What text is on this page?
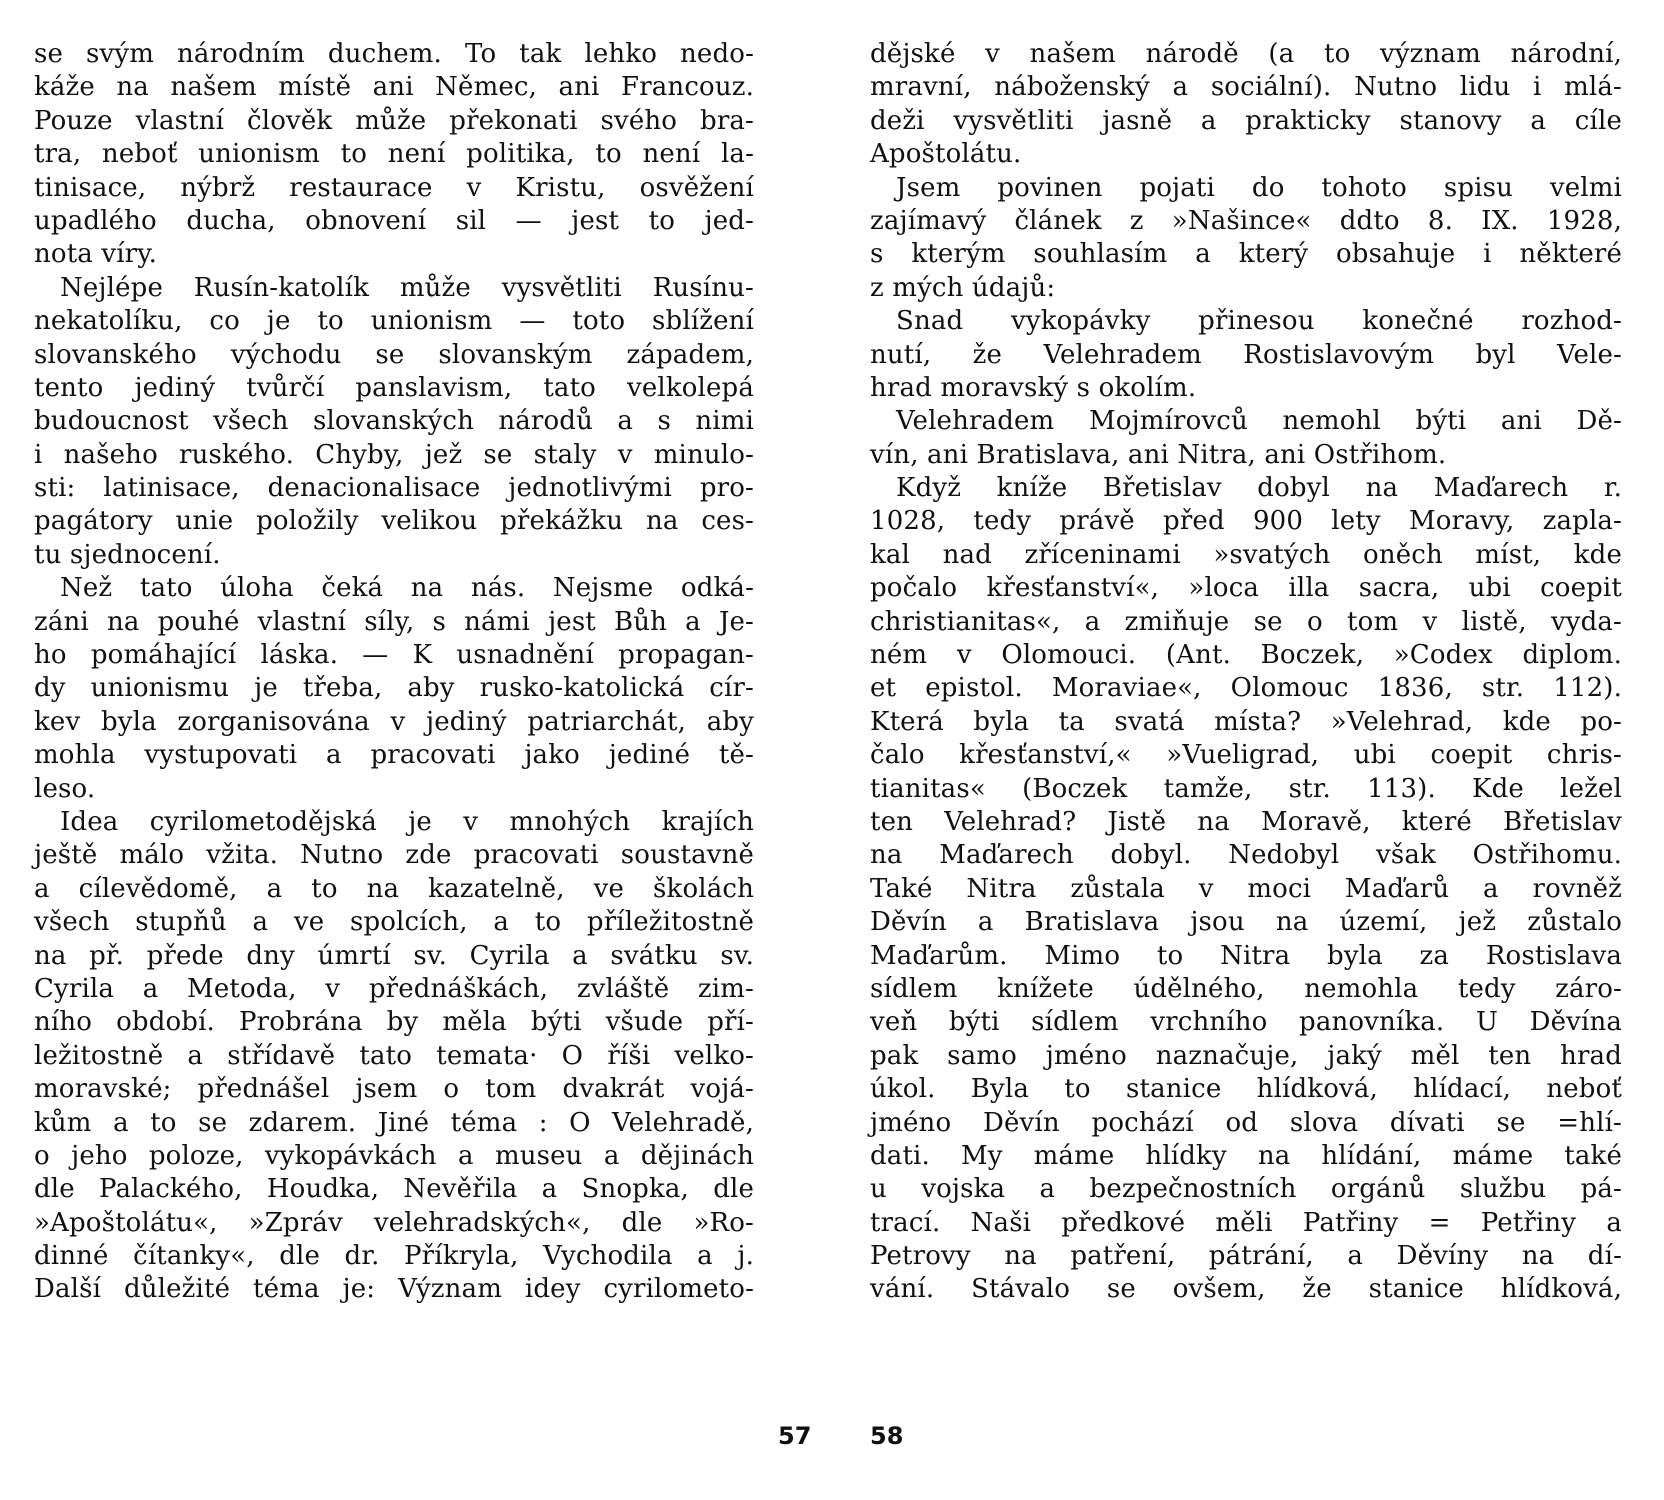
se svým národním duchem. To tak lehko nedo-
káže na našem místě ani Němec, ani Francouz.
Pouze vlastní člověk může překonati svého bra-
tra, neboť unionism to není politika, to není la-
tinisace, nýbrž restaurace v Kristu, osvěžení
upadlého ducha, obnovení sil — jest to jed-
nota víry.
Nejlépe Rusín-katolík může vysvětliti Rusínu-
nekatolíku, co je to unionism — toto sblížení
slovanského východu se slovanským západem,
tento jediný tvůrčí panslavism, tato velkolepá
budoucnost všech slovanských národů a s nimi
i našeho ruského. Chyby, jež se staly v minulo-
sti: latinisace, denacionalisace jednotlivými pro-
pagátory unie položily velikou překážku na ces-
tu sjednocení.
Než tato úloha čeká na nás. Nejsme odká-
záni na pouhé vlastní síly, s námi jest Bůh a Je-
ho pomáhající láska. — K usnadnění propagan-
dy unionismu je třeba, aby rusko-katolická cír-
kev byla zorganisována v jediný patriarchát, aby
mohla vystupovati a pracovati jako jediné tě-
leso.
Idea cyrilometodějská je v mnohých krajích
ještě málo vžita. Nutno zde pracovati soustavně
a cílevědomě, a to na kazatelně, ve školách
všech stupňů a ve spolcích, a to příležitostně
na př. přede dny úmrtí sv. Cyrila a svátku sv.
Cyrila a Metoda, v přednáškách, zvláště zim-
ního období. Probrána by měla býti všude pří-
ležitostně a střídavě tato temata· O říši velko-
moravské; přednášel jsem o tom dvakrát vojá-
kům a to se zdarem. Jiné téma : O Velehradě,
o jeho poloze, vykopávkách a museu a dějinách
dle Palackého, Houdka, Nevěřila a Snopka, dle
»Apoštolátu«, »Zpráv velehradských«, dle »Ro-
dinné čítanky«, dle dr. Příkryla, Vychodila a j.
Další důležité téma je: Význam idey cyrilometo-
dějské v našem národě (a to význam národní,
mravní, náboženský a sociální). Nutno lidu i mlá-
deži vysvětliti jasně a prakticky stanovy a cíle
Apoštolátu.
Jsem povinen pojati do tohoto spisu velmi
zajímavý článek z »Našince« ddto 8. IX. 1928,
s kterým souhlasím a který obsahuje i některé
z mých údajů:
Snad vykopávky přinesou konečné rozhod-
nutí, že Velehradem Rostislavovým byl Vele-
hrad moravský s okolím.
Velehradem Mojmírovců nemohl býti ani Dě-
vín, ani Bratislava, ani Nitra, ani Ostřihom.
Když kníže Břetislav dobyl na Maďarech r.
1028, tedy právě před 900 lety Moravy, zapla-
kal nad zříceninami »svatých oněch míst, kde
počalo křesťanství«, »loca illa sacra, ubi coepit
christianitas«, a zmiňuje se o tom v listě, vyda-
ném v Olomouci. (Ant. Boczek, »Codex diplom.
et epistol. Moraviae«, Olomouc 1836, str. 112).
Která byla ta svatá místa? »Velehrad, kde po-
čalo křesťanství,« »Vueligrad, ubi coepit chris-
tianitas« (Boczek tamže, str. 113). Kde ležel
ten Velehrad? Jistě na Moravě, které Břetislav
na Maďarech dobyl. Nedobyl však Ostřihomu.
Také Nitra zůstala v moci Maďarů a rovněž
Děvín a Bratislava jsou na území, jež zůstalo
Maďarům. Mimo to Nitra byla za Rostislava
sídlem knížete údělného, nemohla tedy záro-
veň býti sídlem vrchního panovníka. U Děvína
pak samo jméno naznačuje, jaký měl ten hrad
úkol. Byla to stanice hlídková, hlídací, neboť
jméno Děvín pochází od slova dívati se =hlí-
dati. My máme hlídky na hlídání, máme také
u vojska a bezpečnostních orgánů službu pá-
trací. Naši předkové měli Patřiny = Petřiny a
Petrovy na patření, pátrání, a Děvíny na dí-
vání. Stávalo se ovšem, že stanice hlídková,
57 58
